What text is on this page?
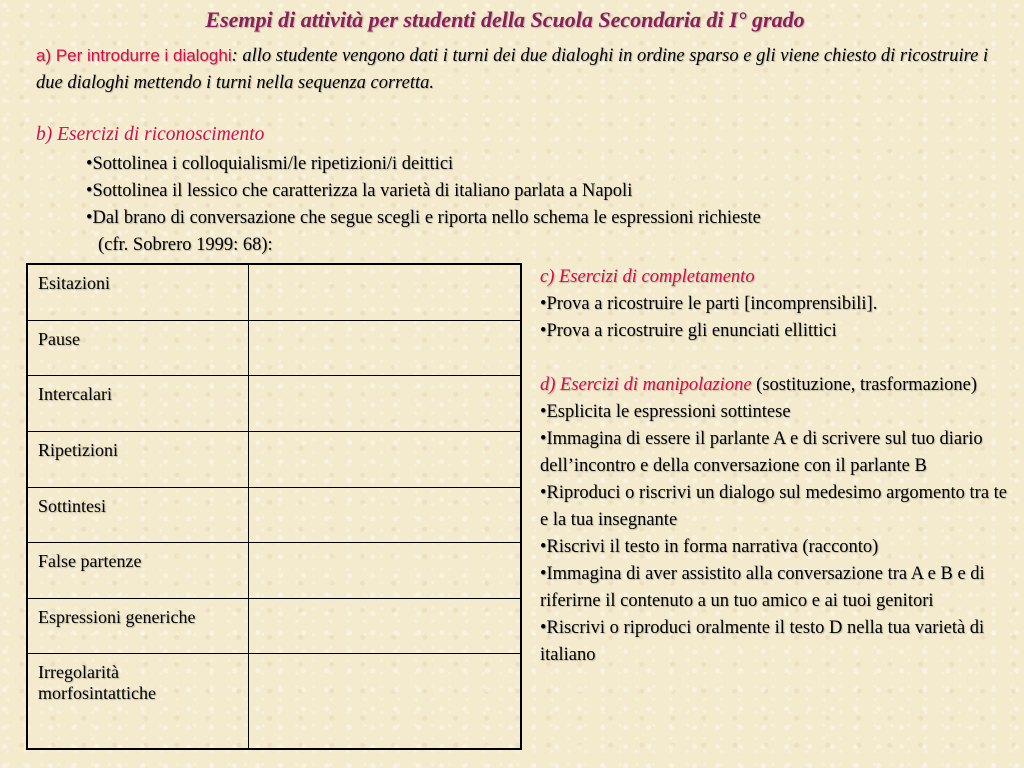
Esempi di attività per studenti della Scuola Secondaria di I° grado
a) Per introdurre i dialoghi: allo studente vengono dati i turni dei due dialoghi in ordine sparso e gli viene chiesto di ricostruire i due dialoghi mettendo i turni nella sequenza corretta.
b) Esercizi di riconoscimento
•Sottolinea i colloquialismi/le ripetizioni/i deittici
•Sottolinea il lessico che caratterizza la varietà di italiano parlata a Napoli
•Dal brano di conversazione che segue scegli e riporta nello schema le espressioni richieste
(cfr. Sobrero 1999: 68):
Esitazioni	
Pause	
Intercalari	
Ripetizioni	
Sottintesi	
False partenze	
Espressioni generiche	
Irregolarità morfosintattiche	

c) Esercizi di completamento

•Prova a ricostruire le parti [incomprensibili].

•Prova a ricostruire gli enunciati ellittici

d) Esercizi di manipolazione (sostituzione, trasformazione)

•Esplicita le espressioni sottintese

•Immagina di essere il parlante A e di scrivere sul tuo diario dell’incontro e della conversazione con il parlante B

•Riproduci o riscrivi un dialogo sul medesimo argomento tra te e la tua insegnante

•Riscrivi il testo in forma narrativa (racconto)

•Immagina di aver assistito alla conversazione tra A e B e di riferirne il contenuto a un tuo amico e ai tuoi genitori

•Riscrivi o riproduci oralmente il testo D nella tua varietà di italiano
